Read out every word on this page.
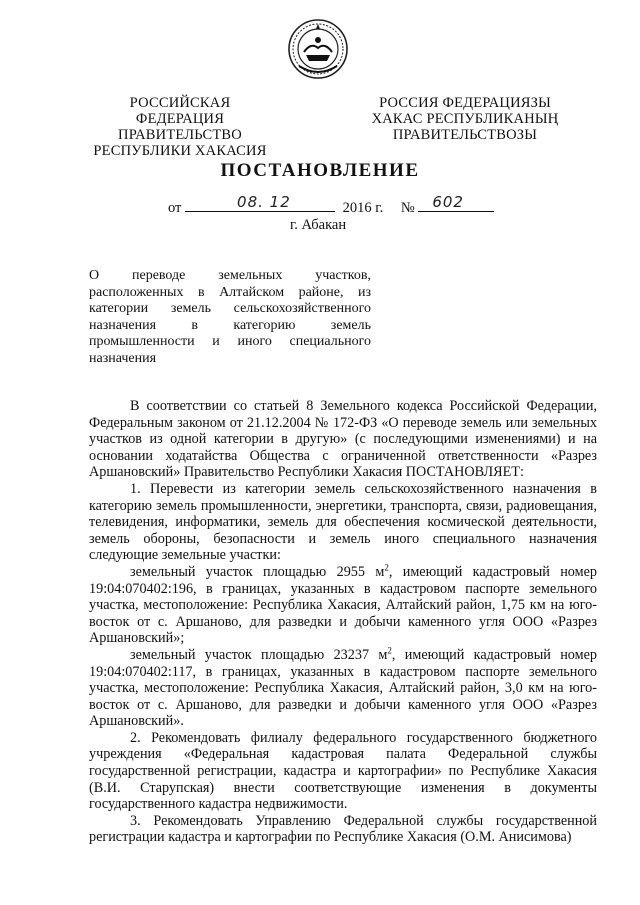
РОССИЙСКАЯ ФЕДЕРАЦИЯ
ПРАВИТЕЛЬСТВО
РЕСПУБЛИКИ ХАКАСИЯ
РОССИЯ ФЕДЕРАЦИЯЗЫ
ХАКАС РЕСПУБЛИКАНЫҢ
ПРАВИТЕЛЬСТВОЗЫ
ПОСТАНОВЛЕНИЕ
от	08. 12	2016 г. № 602
г. Абакан

О переводе земельных участков,

расположенных в Алтайском районе, из

категории земель сельскохозяйственного

назначения в категорию земель

промышленности и иного специального

назначения

В соответствии со статьей 8 Земельного кодекса Российской Федерации, Федеральным законом от 21.12.2004 № 172-ФЗ «О переводе земель или земельных участков из одной категории в другую» (с последующими изменениями) и на основании ходатайства Общества с ограниченной ответственности «Разрез Аршановский» Правительство Республики Хакасия ПОСТАНОВЛЯЕТ:

1. Перевести из категории земель сельскохозяйственного назначения в категорию земель промышленности, энергетики, транспорта, связи, радиовещания, телевидения, информатики, земель для обеспечения космической деятельности, земель обороны, безопасности и земель иного специального назначения следующие земельные участки:

земельный участок площадью 2955 $м^2$, имеющий кадастровый номер 19:04:070402:196, в границах, указанных в кадастровом паспорте земельного участка, местоположение: Республика Хакасия, Алтайский район, 1,75 км на юго-восток от с. Аршаново, для разведки и добычи каменного угля ООО «Разрез Аршановский»;

земельный участок площадью 23237 $м^2$, имеющий кадастровый номер 19:04:070402:117, в границах, указанных в кадастровом паспорте земельного участка, местоположение: Республика Хакасия, Алтайский район, 3,0 км на юго-восток от с. Аршаново, для разведки и добычи каменного угля ООО «Разрез Аршановский».

2. Рекомендовать филиалу федерального государственного бюджетного учреждения «Федеральная кадастровая палата Федеральной службы государственной регистрации, кадастра и картографии» по Республике Хакасия (В.И. Старупская) внести соответствующие изменения в документы государственного кадастра недвижимости.

3. Рекомендовать Управлению Федеральной службы государственной регистрации кадастра и картографии по Республике Хакасия (О.М. Анисимова)
